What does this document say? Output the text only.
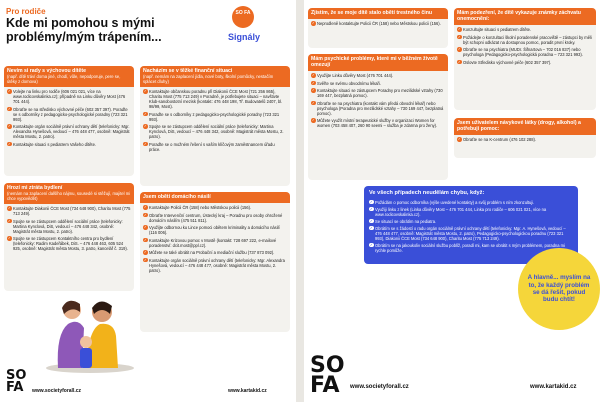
Pro rodiče
Kde mi pomohou s mými problémy/mým trápením...
SO FA
Signály
Nevím si rady s výchovou dítěte
(např. dítě tráví doma jiné, chodí, vůle, nepodporuje, pere se, útěky z domova)

✓ Volejte na linku pro rodiče (606 021 021, více na www.rodicovskalinka.cz); případně na Linku důvěry Most (476 701 444).

✓ Obraťte se na středisko výchovné péče (602 357 397). Poraďte se s odborníky z pedagogicko-psychologické poradny (723 321 993).

✓ Kontaktujte orgán sociálně právní ochrany dětí (telefonicky: Mgr. Alexandra Hynešová, vedoucí – 476 448 477, osobně: Magistrát města Mostu, 2. patro).

✓ Kontaktujte situaci s pediatrem Vašeho dítěte.

Hrozí mi ztráta bydlení
(nemám na zaplacení dalšího nájmu, sousedé si stěžují, majitel mi chce vypovědět)

✓ Kontaktujte Diakonii ČCE Most (734 648 900), Charitu Most (775 713 249).

✓ Spojte se se zástupcem oddělení sociální práce (telefonicky: Martina Kynclová, DiS, vedoucí – 476 448 342, osobně: Magistrát města Mostu, 2. patro).

✓ Spojte se se zástupcem Kontaktního centra pro bydlení (telefonicky: Radim Kadeřábek, DiS. – 476 448 463, 605 524 925, osobně: Magistrát města Mostu, 3. patro, kancelář č. 319).

Nacházím se v těžké finanční situaci
(např. nemám na zaplacení jídla, nové boty, školní pomůcky, nestačím splácet dluhy)

✓ Kontaktujte občanskou poradnu při Diakonii ČCE Most (721 256 865), Charitu Most (775 713 249) v Poradně, je potřebujete situaci – navštivte Klub-sanobostotní mezisk (kontakt: 476 448 198, Tř. Budovatelů 2407, bl. 98/99, Most).

✓ Poraďte se s odborníky z pedagogicko-psychologické poradny (723 321 993).

✓ Spojte se se zástupcem oddělení sociální práce (telefonicky: Martina Kynclová, DiS, vedoucí – 476 448 342, osobně: Magistrát města Mostu, 2. patro).

✓ Poraďte se o možném řešení s vaším klíčovým zaměstnancem úřadu práce.

Jsem obětí domácího násilí

✓ Kontaktujte Policii ČR (158) nebo Městskou policii (156).

✓ Obraťte Intervenční centrum, Ústecký kraj – Poradnu pro osoby ohrožené domácím násilím (475 511 811).

✓ Využijte odbornou ku Lince pomoci obětem kriminality a domácího násilí (116 006).

✓ Kontaktujte Krizovou pomoc v Mostě (kontakt: 728 697 222, e-mailové poradenství: dcit.most@ppl.cz).

✓ Můžete se také obrátit na Probační a mediační službu (737 873 092).

✓ Kontaktujte orgán sociálně právní ochrany dětí (telefonicky: Mgr. Alexandra Hynešová, vedoucí – 476 448 477, osobně: Magistrát města Mostu, 2. patro).

SO
FA	www.societyforall.cz	www.kartakid.cz
Zjistím, že se moje dítě stalo obětí trestného činu

✓ Neprodleně kontaktujte Policii ČR (158) nebo Městskou policii (156).

Mám psychické problémy, které mi v běžném životě omezují

✓ Využijte Linku důvěry Most (476 701 444).

✓ Svěřte se svému obvodnímu lékaři.

✓ Kontaktujte situaci se zástupcem Poradny pro mezilidské vztahy (730 169 447, bezplatná pomoc).

✓ Obraťte se na psychiatra (kontakt vám předá obvodní lékař) nebo psychologa (Poradna pro mezilidské vztahy – 730 169 447, bezplatná pomoc).

✓ Můžete využít místní terapeutické služby v organizaci Women for women (703 458 407, 260 90 seemi – služba je zdarma pro ženy).

Mám podezření, že dítě vykazuje známky záchvatu onemocnění:

✓ Konzultujte situaci s pediatrem dítěte.

✓ Požádejte o konzultaci školní poradenské pracoviště – zástupci by měli být schopni odkázat na dostupnou pomoc, poradit první kroky.

✓ Obraťte se na psychiatra (MUDr. Šifnartova – 702 016 837) nebo psychologa (Pedagogicko-psychologická poradna – 723 321 993).

✓ Oslovte Středisko výchovné péče (602 357 397).

Jsem uživatelem návykové látky (drogy, alkohol) a potřebuji pomoc:

✓ Obraťte se na K-centrum (476 102 288).

Ve všech případech neudělám chybu, když:

✓ Požádám o pomoc odborníka (výše uvedené kontakty) a svůj problém s ním zkonzultuji.

✓ Využiji linku z linek (Linka důvěry Most – 476 701 444, Linka pro rodiče – 606 021 021, více na www.rodicovskalinka.cz).

✓ Se situací se obrátím na pediatra.

✓ Obrátím se s žádostí o radu orgán sociálně právní ochrany dětí (telefonicky: Mgr. A. Hynešová, vedoucí – 476 448 477, osobně: Magistrát města Mostu, 2. patro), Pedagogicko-psychologickou poradnu (723 321 993), Diakonii ČCE Most (734 648 900), Charitu Most (775 713 249).

✓ Obrátím se na jakoukoliv sociální službu poblíž, poradí mi, kam se obrátit s mým problémem, poradna mi rychle pomůže.

A hlavně... myslím na to, že každý problém se dá řešit, pokud budu chtít!
SO
FA	www.societyforall.cz	www.kartakid.cz
